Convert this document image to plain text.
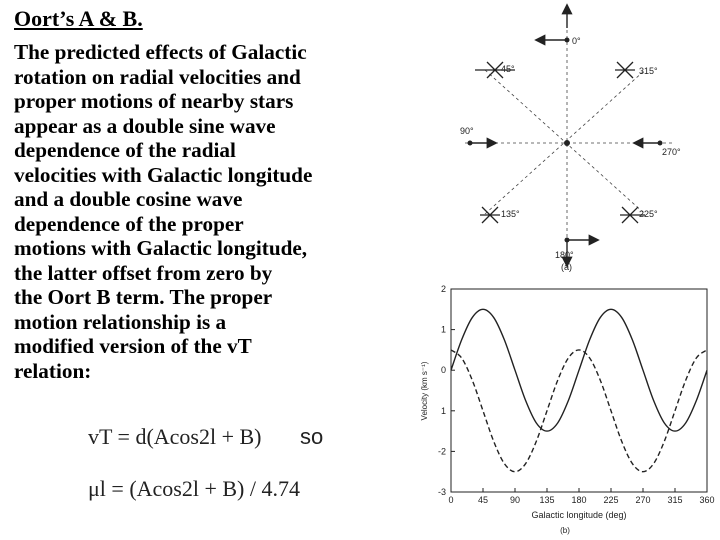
Oort’s A & B.
The predicted effects of Galactic
rotation on radial velocities and
proper motions of nearby stars
appear as a double sine wave
dependence of the radial
velocities with Galactic longitude
and a double cosine wave
dependence of the proper
motions with Galactic longitude,
the latter offset from zero by
the Oort B term. The proper
motion relationship is a
modified version of the vT
relation:
vT = d(Acos2l + B) so
μl = (Acos2l + B) / 4.74
0°
45°
90°
135°
180°
225°
270°
315°
(a)
0	45 90 135 180 225 270 315 360
2
1
0
1
-2
-3
Galactic longitude (deg)
Velocity (km s⁻¹)
(b)
